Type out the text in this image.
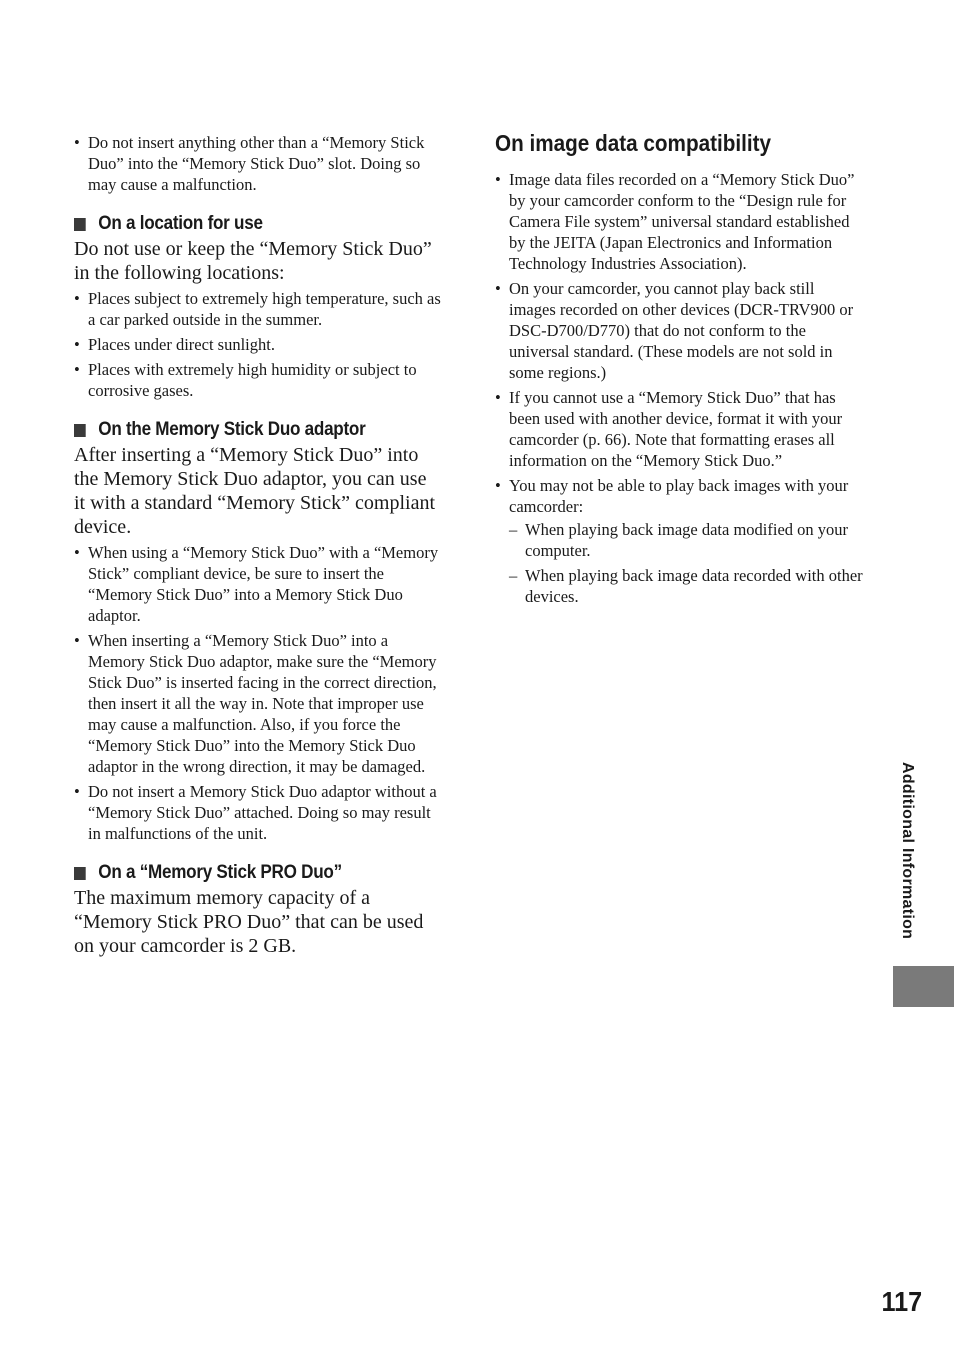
• Do not insert anything other than a “Memory Stick Duo” into the “Memory Stick Duo” slot. Doing so may cause a malfunction.
On a location for use

Do not use or keep the “Memory Stick Duo” in the following locations:

• Places subject to extremely high temperature, such as a car parked outside in the summer.
• Places under direct sunlight.
• Places with extremely high humidity or subject to corrosive gases.
On the Memory Stick Duo adaptor

After inserting a “Memory Stick Duo” into the Memory Stick Duo adaptor, you can use it with a standard “Memory Stick” compliant device.

• When using a “Memory Stick Duo” with a “Memory Stick” compliant device, be sure to insert the “Memory Stick Duo” into a Memory Stick Duo adaptor.
• When inserting a “Memory Stick Duo” into a Memory Stick Duo adaptor, make sure the “Memory Stick Duo” is inserted facing in the correct direction, then insert it all the way in. Note that improper use may cause a malfunction. Also, if you force the “Memory Stick Duo” into the Memory Stick Duo adaptor in the wrong direction, it may be damaged.
• Do not insert a Memory Stick Duo adaptor without a “Memory Stick Duo” attached. Doing so may result in malfunctions of the unit.
On a “Memory Stick PRO Duo”

The maximum memory capacity of a “Memory Stick PRO Duo” that can be used on your camcorder is 2 GB.

On image data compatibility
• Image data files recorded on a “Memory Stick Duo” by your camcorder conform to the “Design rule for Camera File system” universal standard established by the JEITA (Japan Electronics and Information Technology Industries Association).
• On your camcorder, you cannot play back still images recorded on other devices (DCR-TRV900 or DSC-D700/D770) that do not conform to the universal standard. (These models are not sold in some regions.)
• If you cannot use a “Memory Stick Duo” that has been used with another device, format it with your camcorder (p. 66). Note that formatting erases all information on the “Memory Stick Duo.”
• You may not be able to play back images with your camcorder:
– When playing back image data modified on your computer.
– When playing back image data recorded with other devices.
Additional Information
117
